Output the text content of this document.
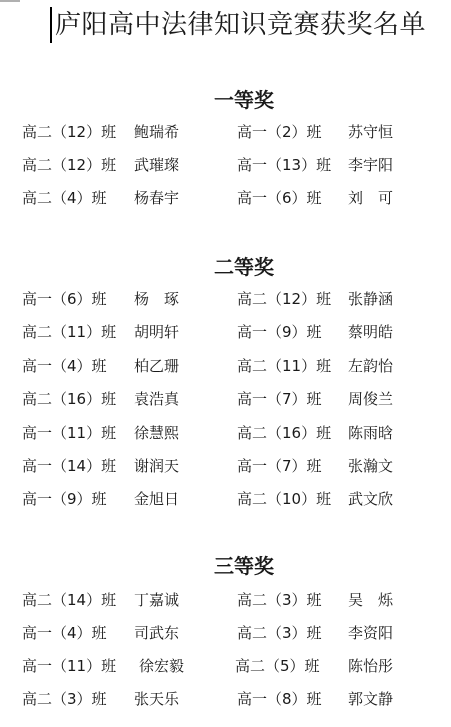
庐阳高中法律知识竞赛获奖名单
一等奖
高二（12）班 鲍瑞希	高一（2）班 苏守恒
高二（12）班 武璀璨	高一（13）班 李宇阳
高二（4）班 杨春宇	高一（6）班 刘　可
二等奖
高一（6）班 杨　琢	高二（12）班 张静涵
高二（11）班 胡明轩	高一（9）班 蔡明皓
高一（4）班 柏乙珊	高二（11）班 左韵怡
高二（16）班 袁浩真	高一（7）班 周俊兰
高一（11）班 徐慧熙	高二（16）班 陈雨晗
高一（14）班 谢润天	高一（7）班 张瀚文
高一（9）班 金旭日	高二（10）班 武文欣
三等奖
高二（14）班 丁嘉诚	高二（3）班 吴　烁
高一（4）班 司武东	高二（3）班 李资阳
高一（11）班 徐宏毅	高二（5）班 陈怡彤
高二（3）班 张天乐	高一（8）班 郭文静
